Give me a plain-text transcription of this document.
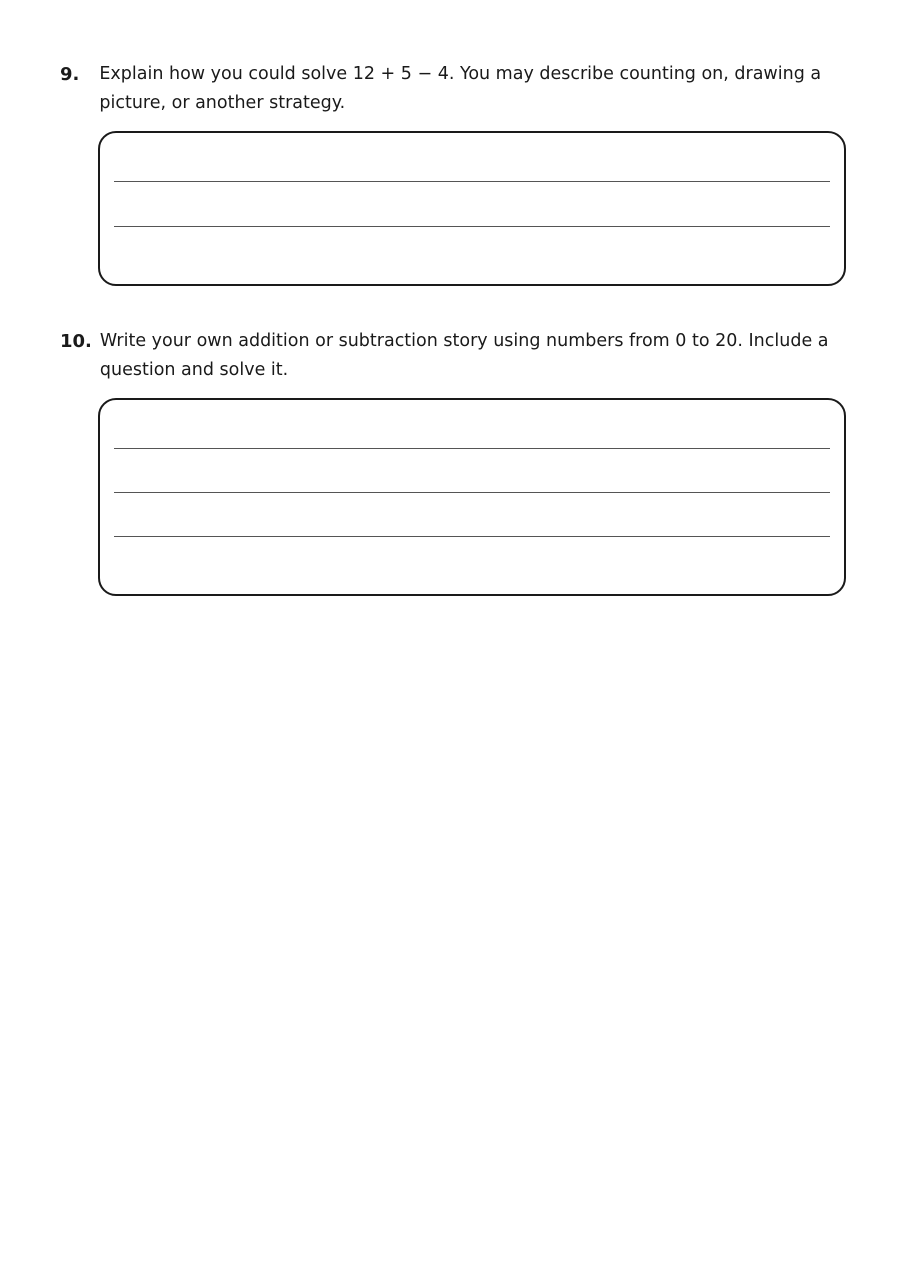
9. Explain how you could solve 12 + 5 − 4. You may describe counting on, drawing a picture, or another strategy.
10. Write your own addition or subtraction story using numbers from 0 to 20. Include a question and solve it.
